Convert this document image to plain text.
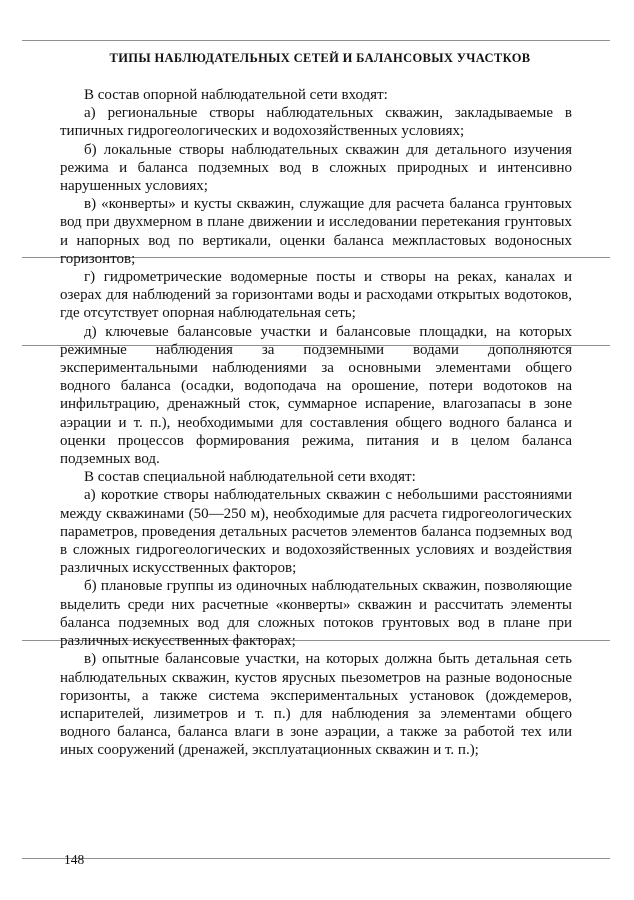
ТИПЫ НАБЛЮДАТЕЛЬНЫХ СЕТЕЙ И БАЛАНСОВЫХ УЧАСТКОВ

В состав опорной наблюдательной сети входят:

а) региональные створы наблюдательных скважин, закладываемые в типичных гидрогеологических и водохозяйственных условиях;

б) локальные створы наблюдательных скважин для детального изучения режима и баланса подземных вод в сложных природных и интенсивно нарушенных условиях;

в) «конверты» и кусты скважин, служащие для расчета баланса грунтовых вод при двухмерном в плане движении и исследовании перетекания грунтовых и напорных вод по вертикали, оценки баланса межпластовых водоносных горизонтов;

г) гидрометрические водомерные посты и створы на реках, каналах и озерах для наблюдений за горизонтами воды и расходами открытых водотоков, где отсутствует опорная наблюдательная сеть;

д) ключевые балансовые участки и балансовые площадки, на которых режимные наблюдения за подземными водами дополняются экспериментальными наблюдениями за основными элементами общего водного баланса (осадки, водоподача на орошение, потери водотоков на инфильтрацию, дренажный сток, суммарное испарение, влагозапасы в зоне аэрации и т. п.), необходимыми для составления общего водного баланса и оценки процессов формирования режима, питания и в целом баланса подземных вод.

В состав специальной наблюдательной сети входят:

а) короткие створы наблюдательных скважин с небольшими расстояниями между скважинами (50—250 м), необходимые для расчета гидрогеологических параметров, проведения детальных расчетов элементов баланса подземных вод в сложных гидрогеологических и водохозяйственных условиях и воздействия различных искусственных факторов;

б) плановые группы из одиночных наблюдательных скважин, позволяющие выделить среди них расчетные «конверты» скважин и рассчитать элементы баланса подземных вод для сложных потоков грунтовых вод в плане при различных искусственных факторах;

в) опытные балансовые участки, на которых должна быть детальная сеть наблюдательных скважин, кустов ярусных пьезометров на разные водоносные горизонты, а также система экспериментальных установок (дождемеров, испарителей, лизиметров и т. п.) для наблюдения за элементами общего водного баланса, баланса влаги в зоне аэрации, а также за работой тех или иных сооружений (дренажей, эксплуатационных скважин и т. п.);

148
